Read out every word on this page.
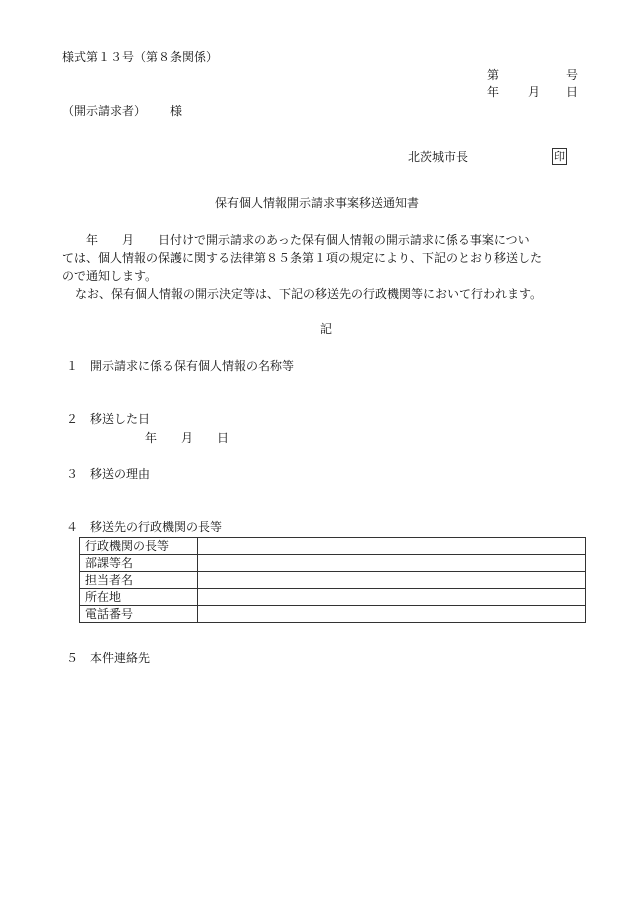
様式第１３号（第８条関係）
第	号
年 月 日
（開示請求者） 様
北茨城市長	印
保有個人情報開示請求事案移送通知書
　　年　　月　　日付けで開示請求のあった保有個人情報の開示請求に係る事案につい
ては、個人情報の保護に関する法律第８５条第１項の規定により、下記のとおり移送した
ので通知します。
なお、保有個人情報の開示決定等は、下記の移送先の行政機関等において行われます。
記
１　開示請求に係る保有個人情報の名称等
２　移送した日
年　　月　　日
３　移送の理由
４　移送先の行政機関の長等
行政機関の長等	
部課等名	
担当者名	
所在地	
電話番号	
５　本件連絡先
